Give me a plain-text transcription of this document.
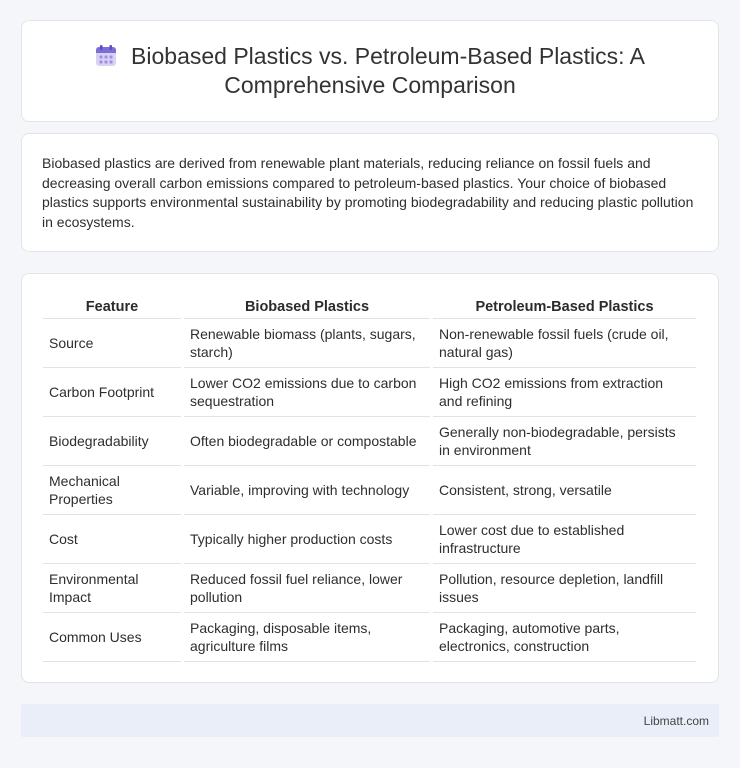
Biobased Plastics vs. Petroleum-Based Plastics: A Comprehensive Comparison

Biobased plastics are derived from renewable plant materials, reducing reliance on fossil fuels and decreasing overall carbon emissions compared to petroleum-based plastics. Your choice of biobased plastics supports environmental sustainability by promoting biodegradability and reducing plastic pollution in ecosystems.

Feature	Biobased Plastics	Petroleum-Based Plastics
Source	Renewable biomass (plants, sugars, starch)	Non-renewable fossil fuels (crude oil, natural gas)
Carbon Footprint	Lower CO2 emissions due to carbon sequestration	High CO2 emissions from extraction and refining
Biodegradability	Often biodegradable or compostable	Generally non-biodegradable, persists in environment
Mechanical Properties	Variable, improving with technology	Consistent, strong, versatile
Cost	Typically higher production costs	Lower cost due to established infrastructure
Environmental Impact	Reduced fossil fuel reliance, lower pollution	Pollution, resource depletion, landfill issues
Common Uses	Packaging, disposable items, agriculture films	Packaging, automotive parts, electronics, construction
Libmatt.com
